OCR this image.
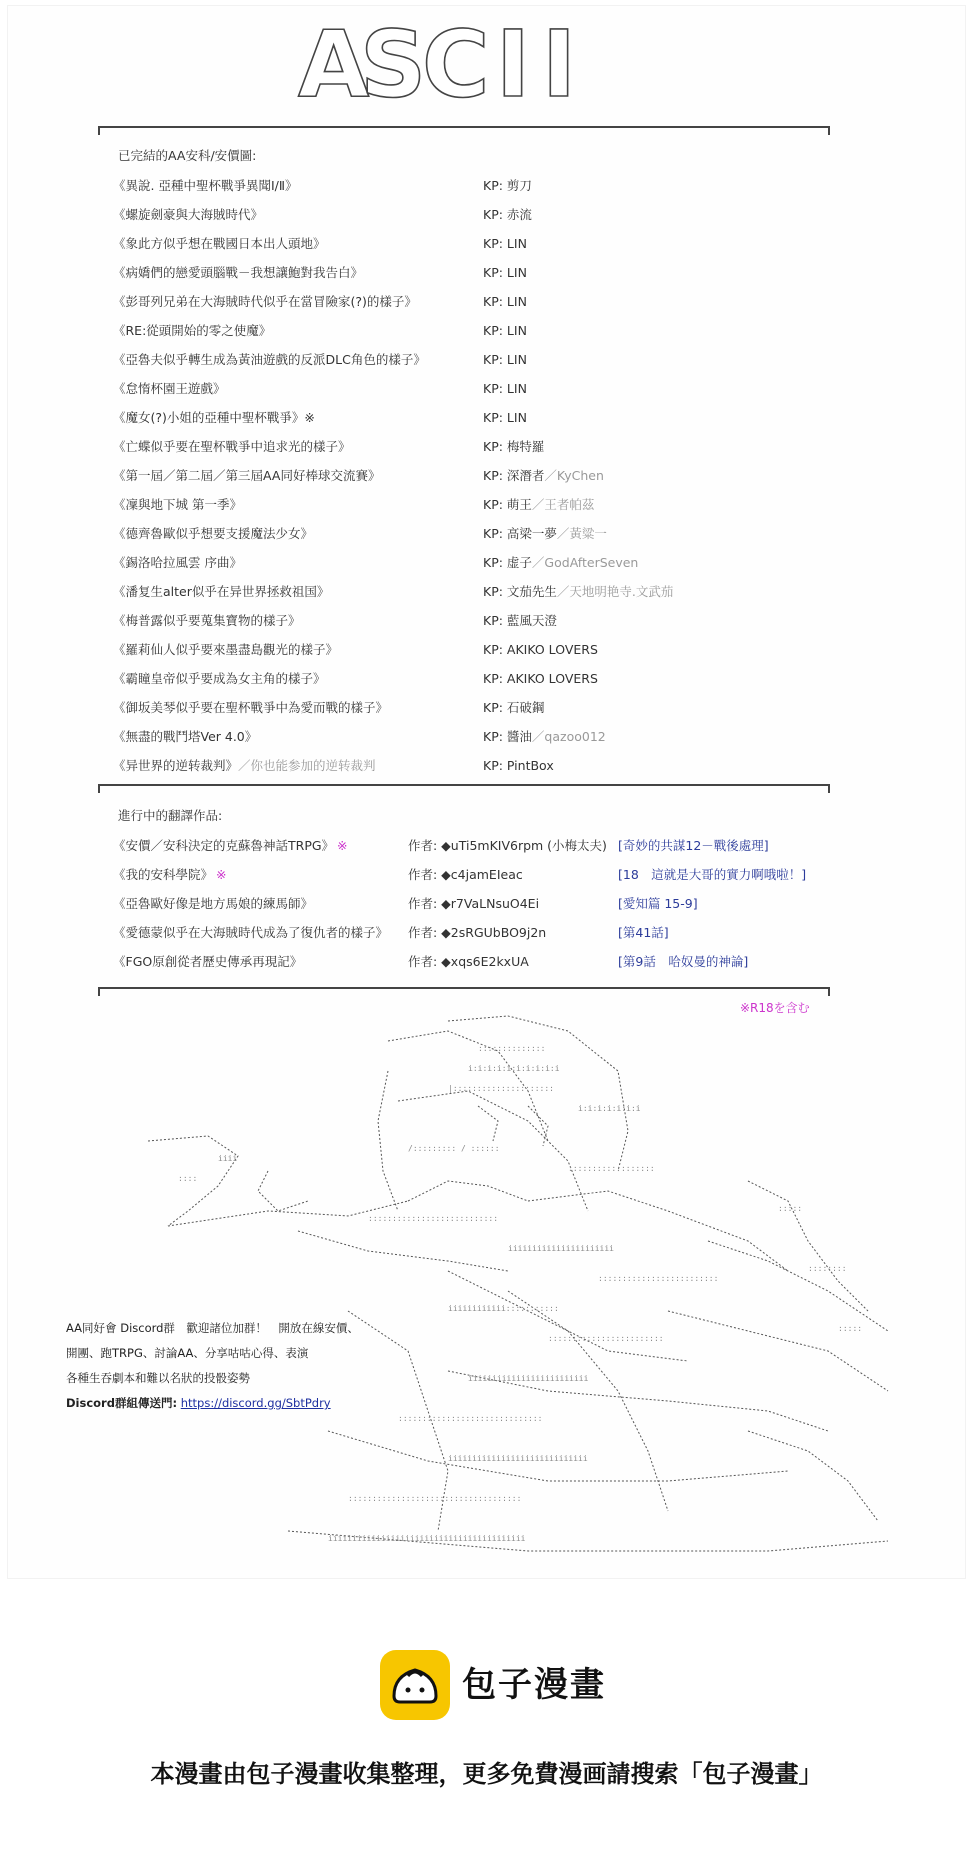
A
S
C I I
已完結的AA安科/安價圖:
《異說. 亞種中聖杯戰爭異聞Ⅰ/Ⅱ》	KP: 剪刀
《螺旋劍豪與大海賊時代》	KP: 赤流
《象此方似乎想在戰國日本出人頭地》	KP: LIN
《病嬌們的戀愛頭腦戰－我想讓鮑對我告白》	KP: LIN
《彭哥列兄弟在大海賊時代似乎在當冒險家(?)的樣子》	KP: LIN
《RE:從頭開始的零之使魔》	KP: LIN
《亞魯夫似乎轉生成為黃油遊戲的反派DLC角色的樣子》	KP: LIN
《怠惰杯園王遊戲》	KP: LIN
《魔女(?)小姐的亞種中聖杯戰爭》※	KP: LIN
《亡蝶似乎要在聖杯戰爭中追求光的樣子》	KP: 梅特羅
《第一屆／第二屆／第三屆AA同好棒球交流賽》	KP: 深潛者／KyChen
《凜與地下城 第一季》	KP: 萌王／王者帕茲
《德齊魯歐似乎想要支援魔法少女》	KP: 高梁一夢／黃粱一
《錫洛哈拉風雲 序曲》	KP: 虚子／GodAfterSeven
《潘复生alter似乎在异世界拯救祖国》	KP: 文茄先生／天地明艳寺.文武茄
《梅普露似乎要蒐集寶物的樣子》	KP: 藍風天澄
《羅莉仙人似乎要來墨盡島觀光的樣子》	KP: AKIKO LOVERS
《霸瞳皇帝似乎要成為女主角的樣子》	KP: AKIKO LOVERS
《御坂美琴似乎要在聖杯戰爭中為愛而戰的樣子》	KP: 石破鋼
《無盡的戰鬥塔Ver 4.0》	KP: 醬油／qazoo012
《异世界的逆转裁判》／你也能参加的逆转裁判	KP: PintBox
進行中的翻譯作品:
《安價／安科決定的克蘇魯神話TRPG》 ※	作者: ◆uTi5mKIV6rpm (小梅太夫) [奇妙的共謀12－戰後處理]
《我的安科學院》 ※	作者: ◆c4jamEIeac	[18　這就是大哥的實力啊哦啦！]
《亞魯歐好像是地方馬娘的練馬師》	作者: ◆r7VaLNsuO4Ei	[愛知篇 15-9]
《愛德蒙似乎在大海賊時代成為了復仇者的樣子》 作者: ◆2sRGUbBO9j2n	[第41話]
《FGO原創從者歷史傳承再現記》	作者: ◆xqs6E2kxUA	[第9話　哈奴曼的神論]
※R18を含む
::::::::::::::
i:i:i:i:i:i:i:i:i:i
|:::::::::::::::::::::
i:i:i:i:i:i:i
/::::::::: / ::::::
::::::::::::::::::
:::::::::::::::::::::::::::
iiiiiiiiiiiiiiiiiiiiii
:::::::::::::::::::::::::
iiiiiiiiiiii:::::::::::
::::::::::::::::::::::::
iiiiiiiiiiiiiiiiiiiiiiiii
::::::::::::::::::::::::::::::
iiiiiiiiiiiiiiiiiiiiiiiiiiiii
::::::::::::::::::::::::::::::::::::
iiiiiiiiiiiiiiiiiiiiiiiiiiiiiiiiiiiiiiiii
:::::
::::::::
:::::
::::
iiii
AA同好會 Discord群　歡迎諸位加群！　開放在線安價、
開團、跑TRPG、討論AA、分享咕咕心得、表演
各種生吞劇本和難以名狀的投骰姿勢
Discord群組傳送門: https://discord.gg/SbtPdry
包子漫畫
本漫畫由包子漫畫收集整理，更多免費漫画請搜索「包子漫畫」
